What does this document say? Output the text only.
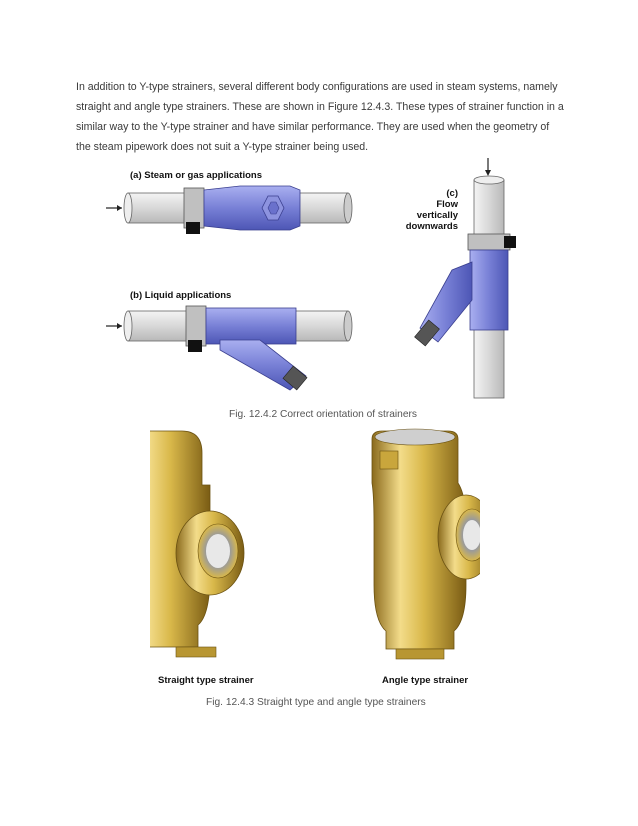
In addition to Y-type strainers, several different body configurations are used in steam systems, namely straight and angle type strainers. These are shown in Figure 12.4.3. These types of strainer function in a similar way to the Y-type strainer and have similar performance. They are used when the geometry of the steam pipework does not suit a Y-type strainer being used.
(a) Steam or gas applications
(b) Liquid applications
(c)
Flow
vertically
downwards
Fig. 12.4.2 Correct orientation of strainers
Straight type strainer	Angle type strainer
Fig. 12.4.3 Straight type and angle type strainers
